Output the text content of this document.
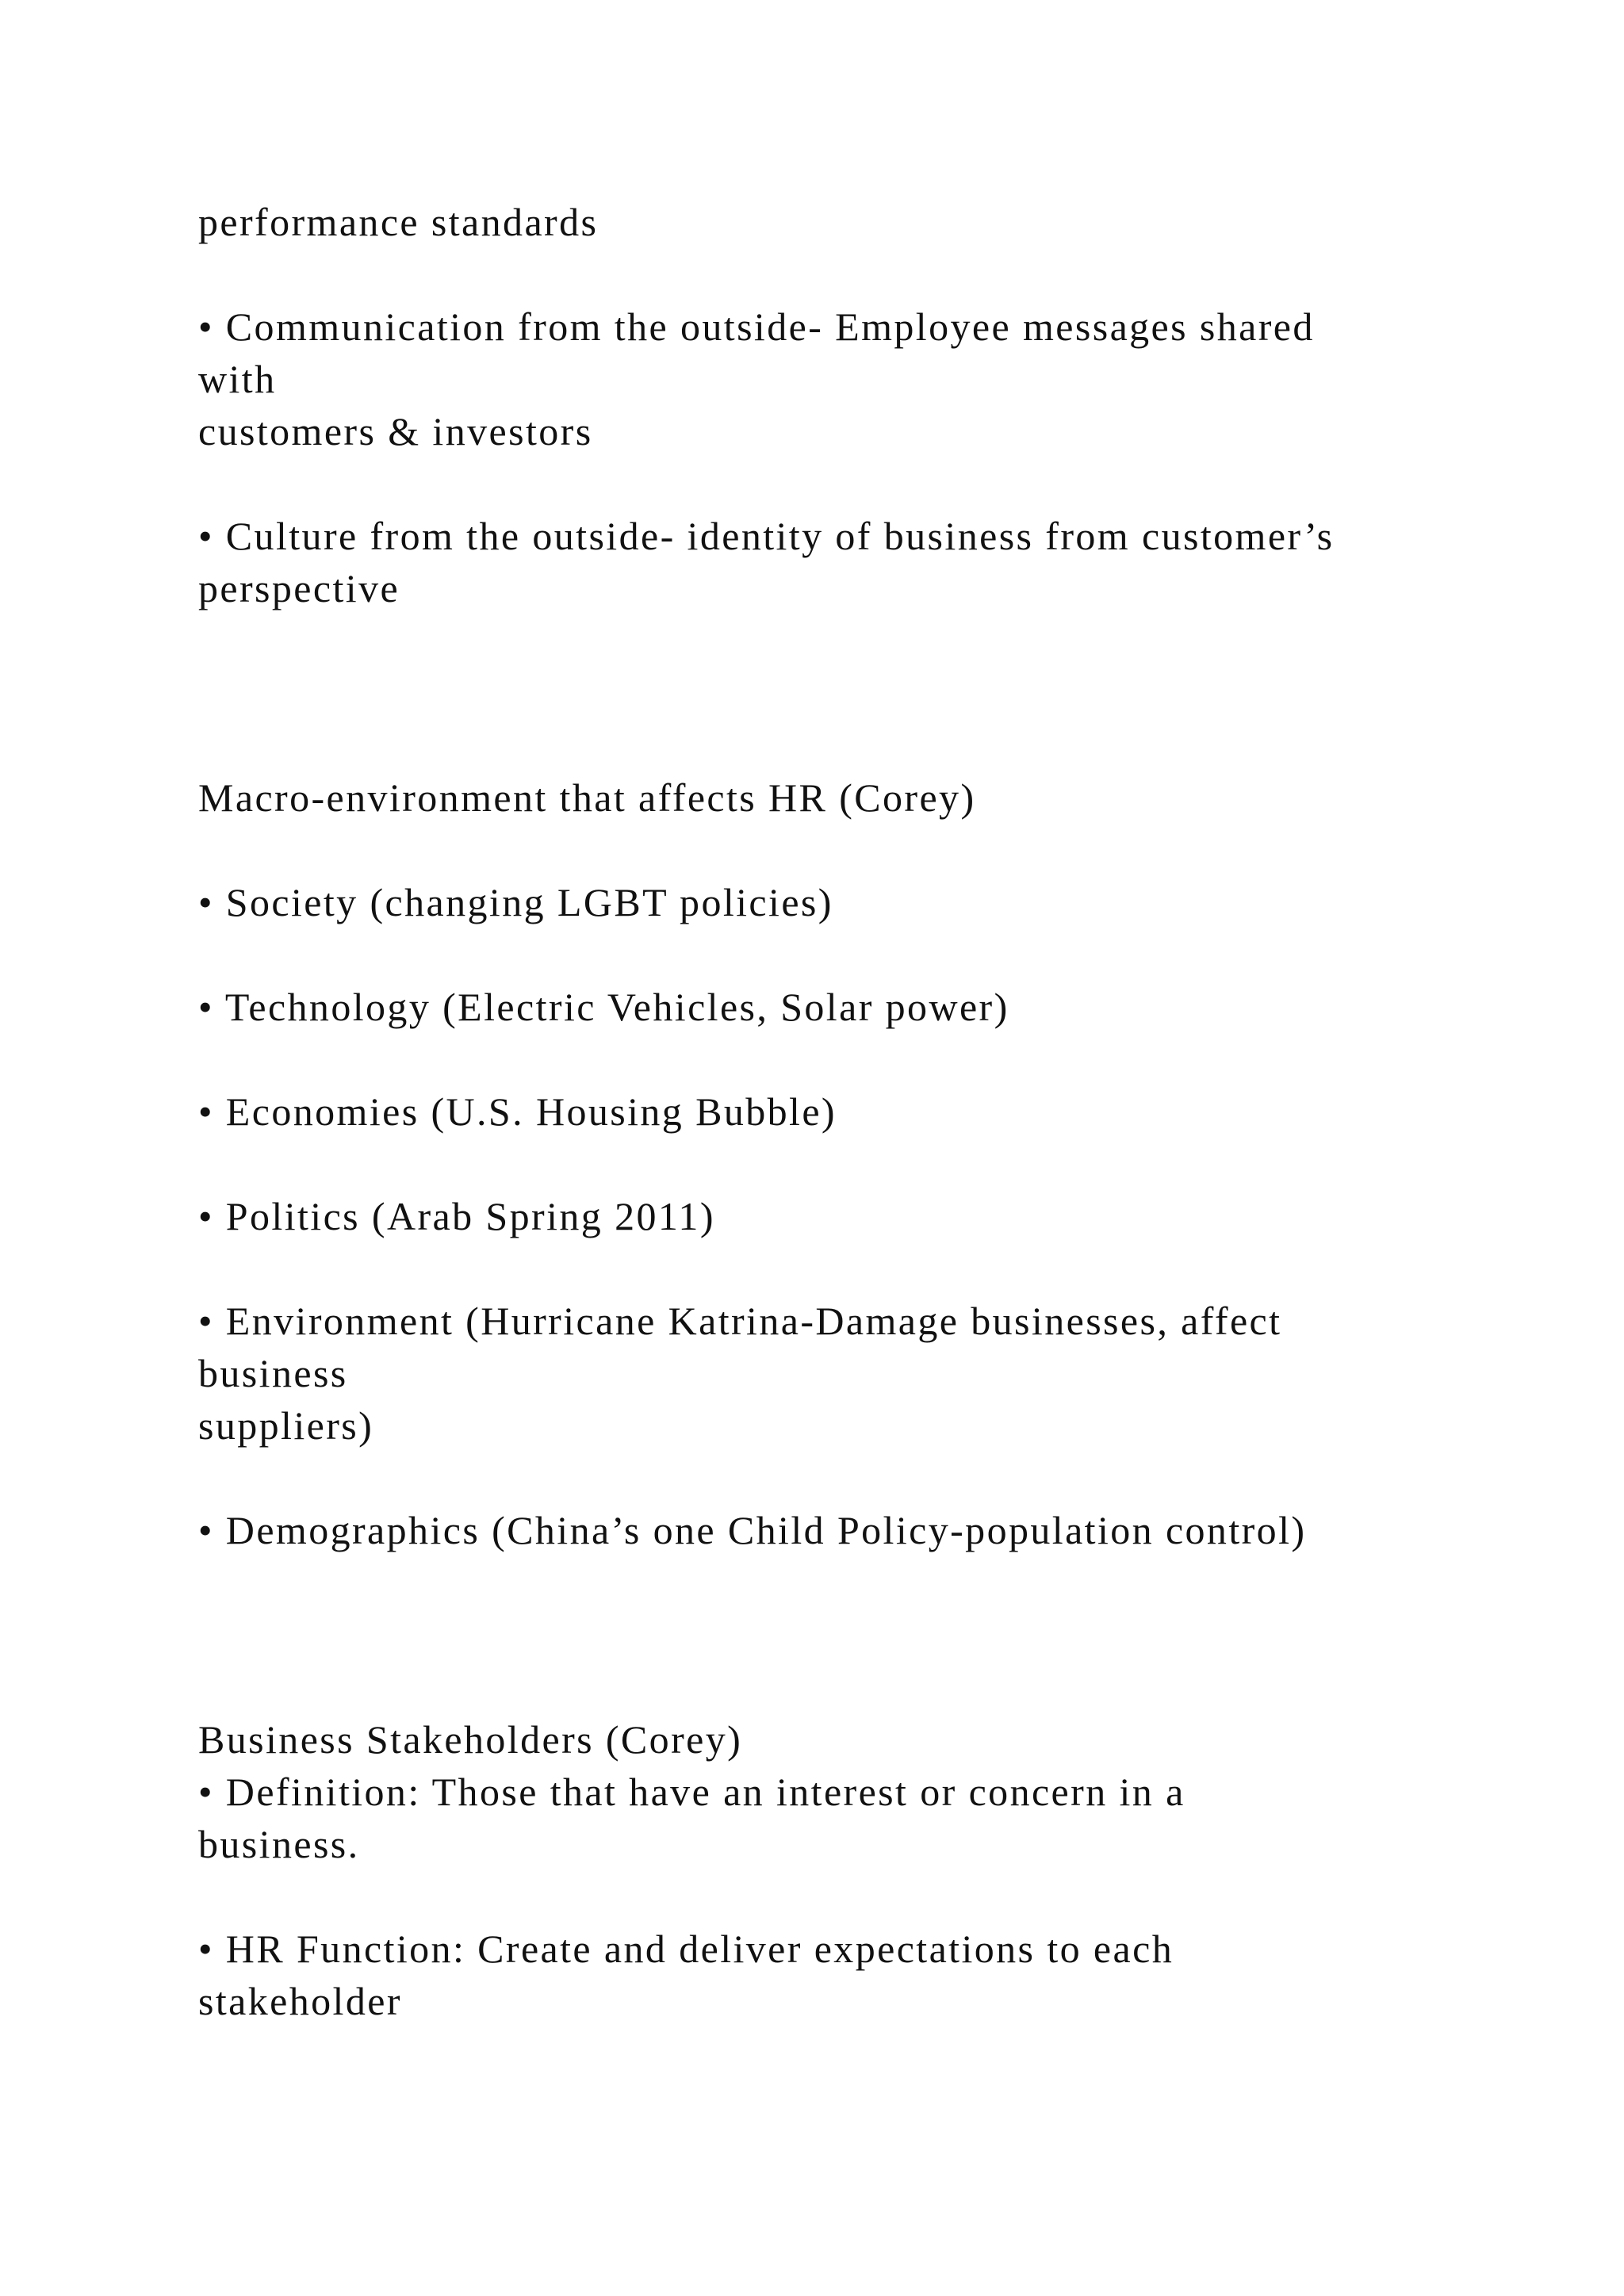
performance standards
• Communication from the outside- Employee messages shared
with
customers & investors
• Culture from the outside- identity of business from customer’s
perspective
Macro-environment that affects HR (Corey)
• Society (changing LGBT policies)
• Technology (Electric Vehicles, Solar power)
• Economies (U.S. Housing Bubble)
• Politics (Arab Spring 2011)
• Environment (Hurricane Katrina-Damage businesses, affect
business
suppliers)
• Demographics (China’s one Child Policy-population control)
Business Stakeholders (Corey)
• Definition: Those that have an interest or concern in a
business.
• HR Function: Create and deliver expectations to each
stakeholder
